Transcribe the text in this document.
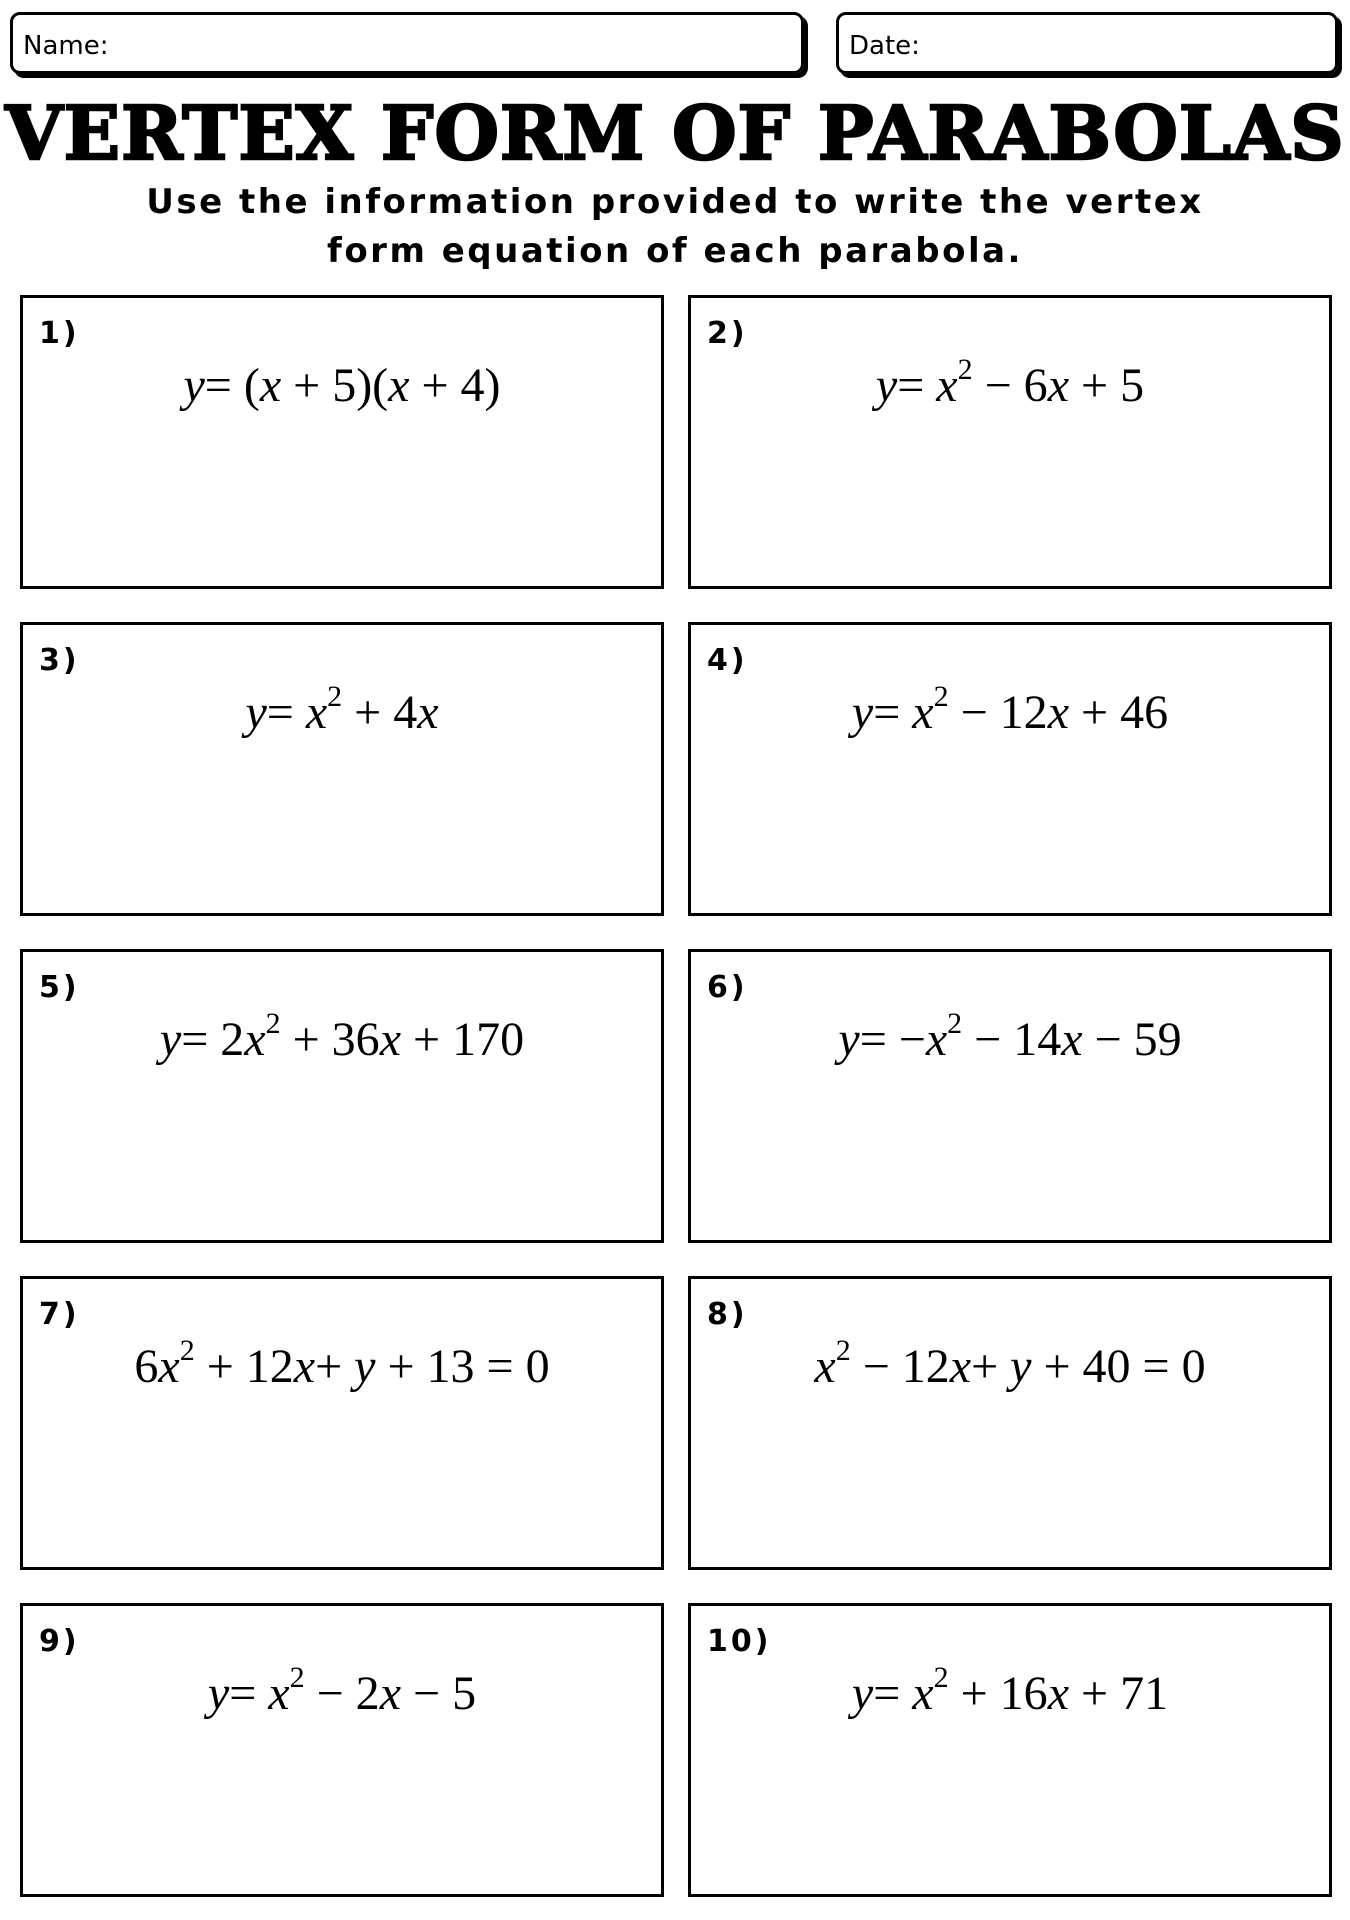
Name:	Date:
VERTEX FORM OF PARABOLAS
Use the information provided to write the vertex form equation of each parabola.
1)
y= (x + 5)(x + 4)
2)
$y= x^2 - 6x + 5$
3)
$y= x^2 + 4x$
4)
$y= x^2 - 12x + 46$
5)
$y= 2x^2 + 36x + 170$
6)
$y= -x^2 - 14x - 59$
7)
$6x^2 + 12x+ y + 13 = 0$
8)
$x^2 - 12x+ y + 40 = 0$
9)
$y= x^2 - 2x - 5$
10)
$y= x^2 + 16x + 71$
